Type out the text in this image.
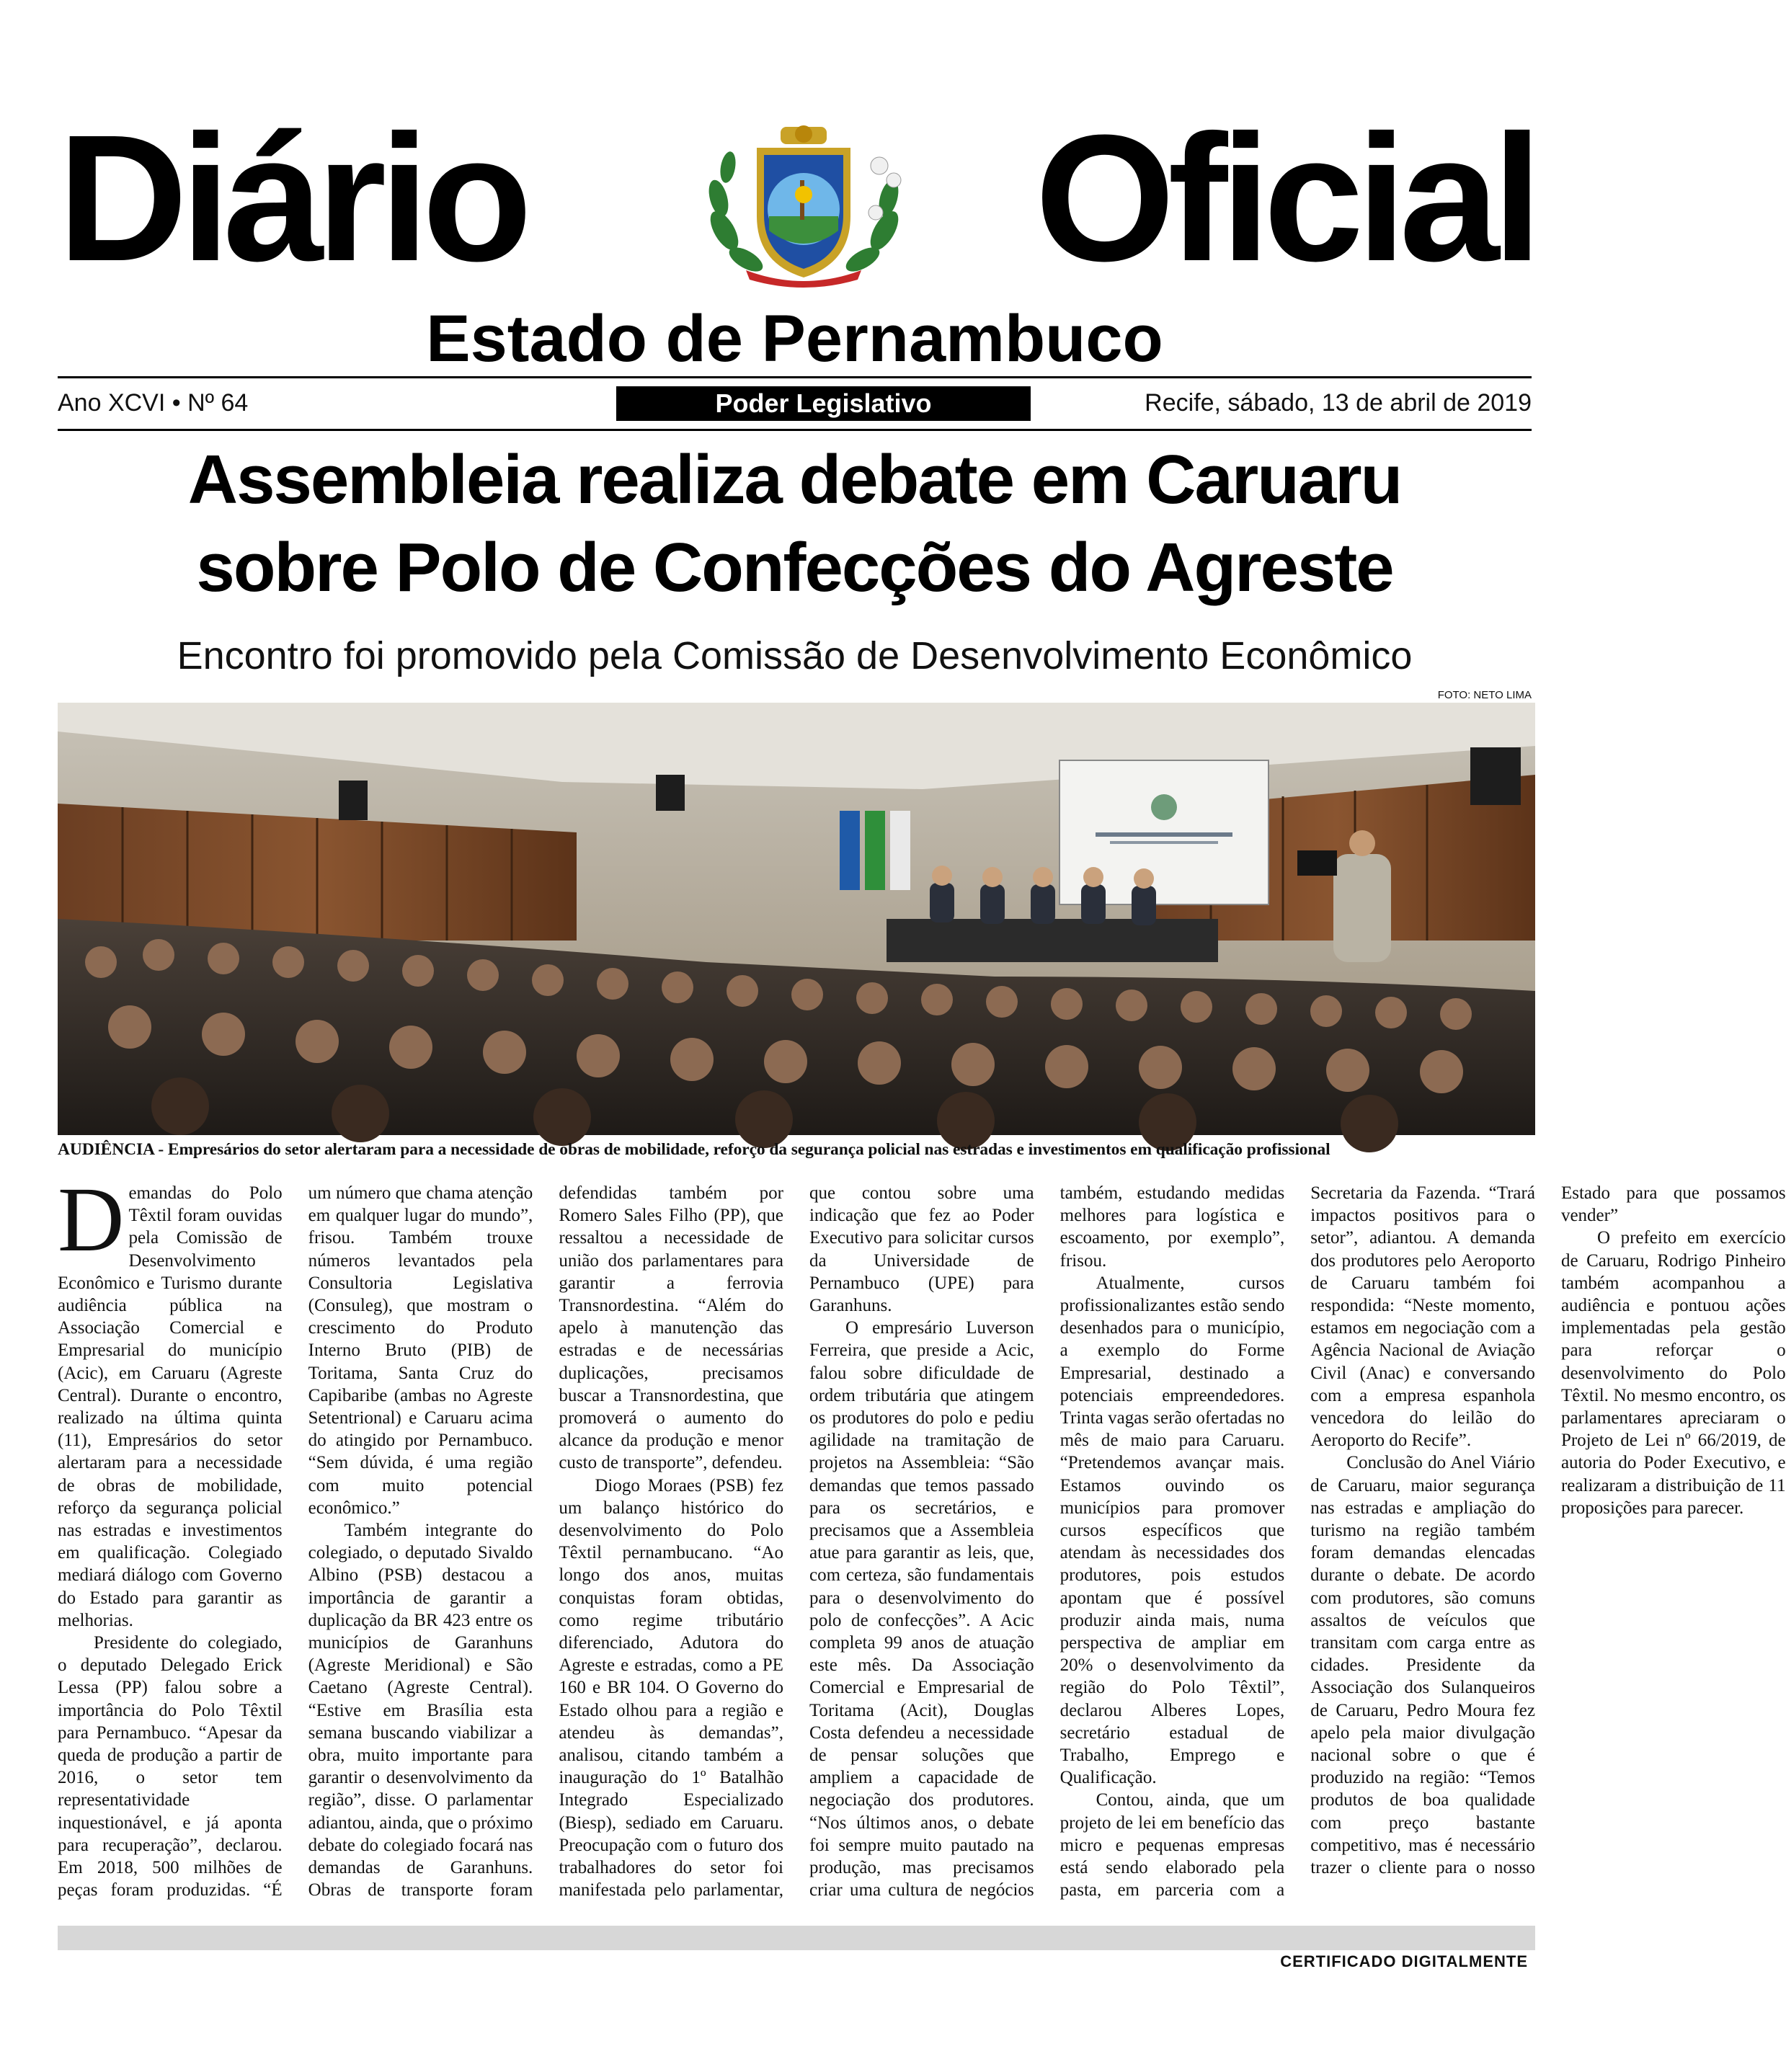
Diário	Oficial
Estado de Pernambuco
Ano XCVI • Nº 64	Poder Legislativo	Recife, sábado, 13 de abril de 2019
Assembleia realiza debate em Caruaru
sobre Polo de Confecções do Agreste
Encontro foi promovido pela Comissão de Desenvolvimento Econômico
FOTO: NETO LIMA
AUDIÊNCIA - Empresários do setor alertaram para a necessidade de obras de mobilidade, reforço da segurança policial nas estradas e investimentos em qualificação profissional

Demandas do Polo Têxtil foram ouvidas pela Comissão de Desenvolvimento Econômico e Turismo durante audiência pública na Associação Comercial e Empresarial do município (Acic), em Caruaru (Agreste Central). Durante o encontro, realizado na última quinta (11), Empresários do setor alertaram para a necessidade de obras de mobilidade, reforço da segurança policial nas estradas e investimentos em qualificação. Colegiado mediará diálogo com Governo do Estado para garantir as melhorias.

Presidente do colegiado, o deputado Delegado Erick Lessa (PP) falou sobre a importância do Polo Têxtil para Pernambuco. “Apesar da queda de produção a partir de 2016, o setor tem representatividade inquestionável, e já aponta para recuperação”, declarou. Em 2018, 500 milhões de peças foram produzidas. “É um número que chama atenção em qualquer lugar do mundo”, frisou. Também trouxe números levantados pela Consultoria Legislativa (Consuleg), que mostram o crescimento do Produto Interno Bruto (PIB) de Toritama, Santa Cruz do Capibaribe (ambas no Agreste Setentrional) e Caruaru acima do atingido por Pernambuco. “Sem dúvida, é uma região com muito potencial econômico.”

Também integrante do colegiado, o deputado Sivaldo Albino (PSB) destacou a importância de garantir a duplicação da BR 423 entre os municípios de Garanhuns (Agreste Meridional) e São Caetano (Agreste Central). “Estive em Brasília esta semana buscando viabilizar a obra, muito importante para garantir o desenvolvimento da região”, disse. O parlamentar adiantou, ainda, que o próximo debate do colegiado focará nas demandas de Garanhuns. Obras de transporte foram defendidas também por Romero Sales Filho (PP), que ressaltou a necessidade de união dos parlamentares para garantir a ferrovia Transnordestina. “Além do apelo à manutenção das estradas e de necessárias duplicações, precisamos buscar a Transnordestina, que promoverá o aumento do alcance da produção e menor custo de transporte”, defendeu.

Diogo Moraes (PSB) fez um balanço histórico do desenvolvimento do Polo Têxtil pernambucano. “Ao longo dos anos, muitas conquistas foram obtidas, como regime tributário diferenciado, Adutora do Agreste e estradas, como a PE 160 e BR 104. O Governo do Estado olhou para a região e atendeu às demandas”, analisou, citando também a inauguração do 1º Batalhão Integrado Especializado (Biesp), sediado em Caruaru. Preocupação com o futuro dos trabalhadores do setor foi manifestada pelo parlamentar, que contou sobre uma indicação que fez ao Poder Executivo para solicitar cursos da Universidade de Pernambuco (UPE) para Garanhuns.

O empresário Luverson Ferreira, que preside a Acic, falou sobre dificuldade de ordem tributária que atingem os produtores do polo e pediu agilidade na tramitação de projetos na Assembleia: “São demandas que temos passado para os secretários, e precisamos que a Assembleia atue para garantir as leis, que, com certeza, são fundamentais para o desenvolvimento do polo de confecções”. A Acic completa 99 anos de atuação este mês. Da Associação Comercial e Empresarial de Toritama (Acit), Douglas Costa defendeu a necessidade de pensar soluções que ampliem a capacidade de negociação dos produtores. “Nos últimos anos, o debate foi sempre muito pautado na produção, mas precisamos criar uma cultura de negócios também, estudando medidas melhores para logística e escoamento, por exemplo”, frisou.

Atualmente, cursos profissionalizantes estão sendo desenhados para o município, a exemplo do Forme Empresarial, destinado a potenciais empreendedores. Trinta vagas serão ofertadas no mês de maio para Caruaru. “Pretendemos avançar mais. Estamos ouvindo os municípios para promover cursos específicos que atendam às necessidades dos produtores, pois estudos apontam que é possível produzir ainda mais, numa perspectiva de ampliar em 20% o desenvolvimento da região do Polo Têxtil”, declarou Alberes Lopes, secretário estadual de Trabalho, Emprego e Qualificação.

Contou, ainda, que um projeto de lei em benefício das micro e pequenas empresas está sendo elaborado pela pasta, em parceria com a Secretaria da Fazenda. “Trará impactos positivos para o setor”, adiantou. A demanda dos produtores pelo Aeroporto de Caruaru também foi respondida: “Neste momento, estamos em negociação com a Agência Nacional de Aviação Civil (Anac) e conversando com a empresa espanhola vencedora do leilão do Aeroporto do Recife”.

Conclusão do Anel Viário de Caruaru, maior segurança nas estradas e ampliação do turismo na região também foram demandas elencadas durante o debate. De acordo com produtores, são comuns assaltos de veículos que transitam com carga entre as cidades. Presidente da Associação dos Sulanqueiros de Caruaru, Pedro Moura fez apelo pela maior divulgação nacional sobre o que é produzido na região: “Temos produtos de boa qualidade com preço bastante competitivo, mas é necessário trazer o cliente para o nosso Estado para que possamos vender”

O prefeito em exercício de Caruaru, Rodrigo Pinheiro também acompanhou a audiência e pontuou ações implementadas pela gestão para reforçar o desenvolvimento do Polo Têxtil. No mesmo encontro, os parlamentares apreciaram o Projeto de Lei nº 66/2019, de autoria do Poder Executivo, e realizaram a distribuição de 11 proposições para parecer.

CERTIFICADO DIGITALMENTE
